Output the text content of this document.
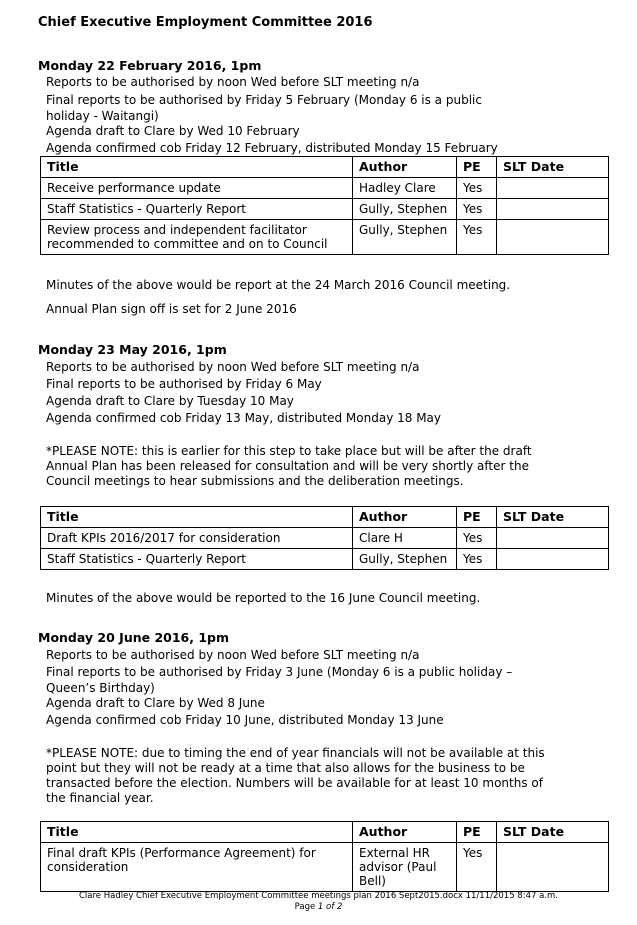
Chief Executive Employment Committee 2016
Monday 22 February 2016, 1pm
Reports to be authorised by noon Wed before SLT meeting n/a
Final reports to be authorised by Friday 5 February (Monday 6 is a public holiday - Waitangi)
Agenda draft to Clare by Wed 10 February
Agenda confirmed cob Friday 12 February, distributed Monday 15 February
Title	Author	PE	SLT Date
Receive performance update	Hadley Clare	Yes	
Staff Statistics - Quarterly Report	Gully, Stephen	Yes	
Review process and independent facilitator recommended to committee and on to Council	Gully, Stephen	Yes	
Minutes of the above would be report at the 24 March 2016 Council meeting.
Annual Plan sign off is set for 2 June 2016
Monday 23 May 2016, 1pm
Reports to be authorised by noon Wed before SLT meeting n/a
Final reports to be authorised by Friday 6 May
Agenda draft to Clare by Tuesday 10 May
Agenda confirmed cob Friday 13 May, distributed Monday 18 May
*PLEASE NOTE: this is earlier for this step to take place but will be after the draft Annual Plan has been released for consultation and will be very shortly after the Council meetings to hear submissions and the deliberation meetings.
Title	Author	PE	SLT Date
Draft KPIs 2016/2017 for consideration	Clare H	Yes	
Staff Statistics - Quarterly Report	Gully, Stephen	Yes	
Minutes of the above would be reported to the 16 June Council meeting.
Monday 20 June 2016, 1pm
Reports to be authorised by noon Wed before SLT meeting n/a
Final reports to be authorised by Friday 3 June (Monday 6 is a public holiday – Queen’s Birthday)
Agenda draft to Clare by Wed 8 June
Agenda confirmed cob Friday 10 June, distributed Monday 13 June
*PLEASE NOTE: due to timing the end of year financials will not be available at this point but they will not be ready at a time that also allows for the business to be transacted before the election. Numbers will be available for at least 10 months of the financial year.
Title	Author	PE	SLT Date
Final draft KPIs (Performance Agreement) for consideration	External HR advisor (Paul Bell)	Yes	
Clare Hadley Chief Executive Employment Committee meetings plan 2016 Sept2015.docx 11/11/2015 8:47 a.m.
Page 1 of 2
